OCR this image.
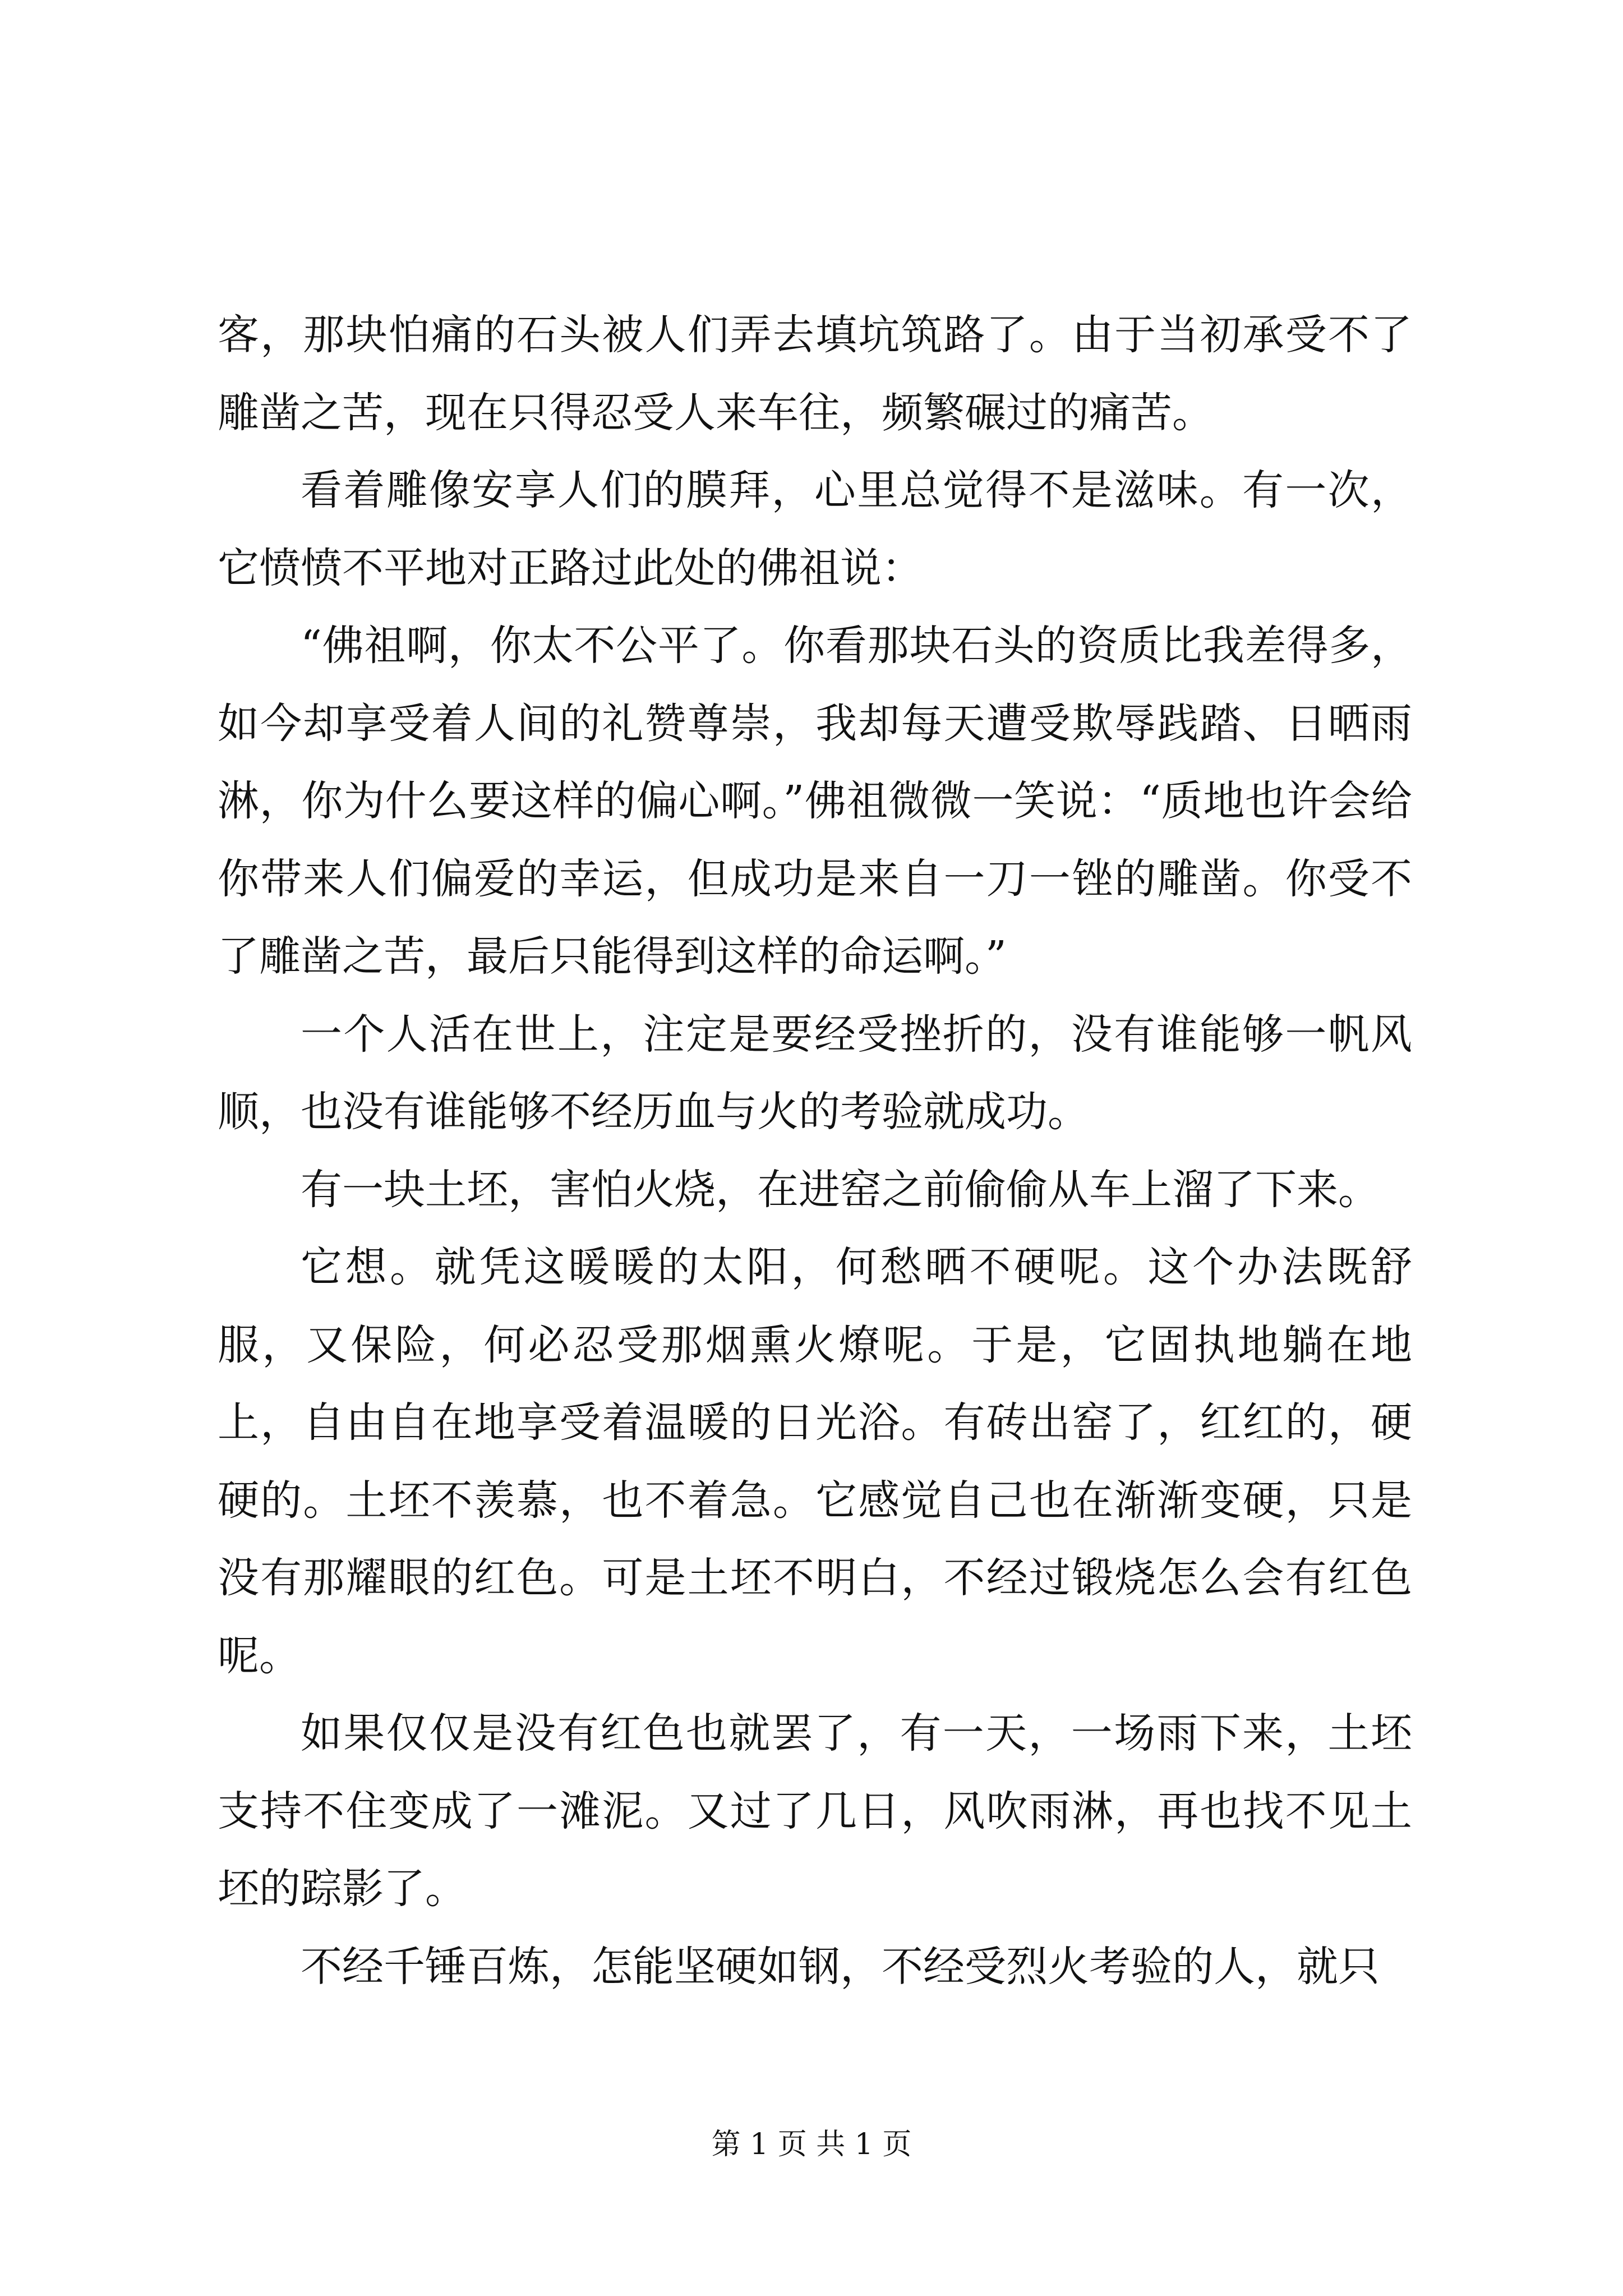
客，那块怕痛的石头被人们弄去填坑筑路了。由于当初承受不了雕凿之苦，现在只得忍受人来车往，频繁碾过的痛苦。

看着雕像安享人们的膜拜，心里总觉得不是滋味。有一次，它愤愤不平地对正路过此处的佛祖说：

“佛祖啊，你太不公平了。你看那块石头的资质比我差得多，如今却享受着人间的礼赞尊崇，我却每天遭受欺辱践踏、日晒雨淋，你为什么要这样的偏心啊。”佛祖微微一笑说：“质地也许会给你带来人们偏爱的幸运，但成功是来自一刀一锉的雕凿。你受不了雕凿之苦，最后只能得到这样的命运啊。”

一个人活在世上，注定是要经受挫折的，没有谁能够一帆风顺，也没有谁能够不经历血与火的考验就成功。

有一块土坯，害怕火烧，在进窑之前偷偷从车上溜了下来。

它想。就凭这暖暖的太阳，何愁晒不硬呢。这个办法既舒服，又保险，何必忍受那烟熏火燎呢。于是，它固执地躺在地上，自由自在地享受着温暖的日光浴。有砖出窑了，红红的，硬硬的。土坯不羡慕，也不着急。它感觉自己也在渐渐变硬，只是没有那耀眼的红色。可是土坯不明白，不经过锻烧怎么会有红色呢。

如果仅仅是没有红色也就罢了，有一天，一场雨下来，土坯支持不住变成了一滩泥。又过了几日，风吹雨淋，再也找不见土坯的踪影了。

不经千锤百炼，怎能坚硬如钢，不经受烈火考验的人，就只

第 1 页 共 1 页
